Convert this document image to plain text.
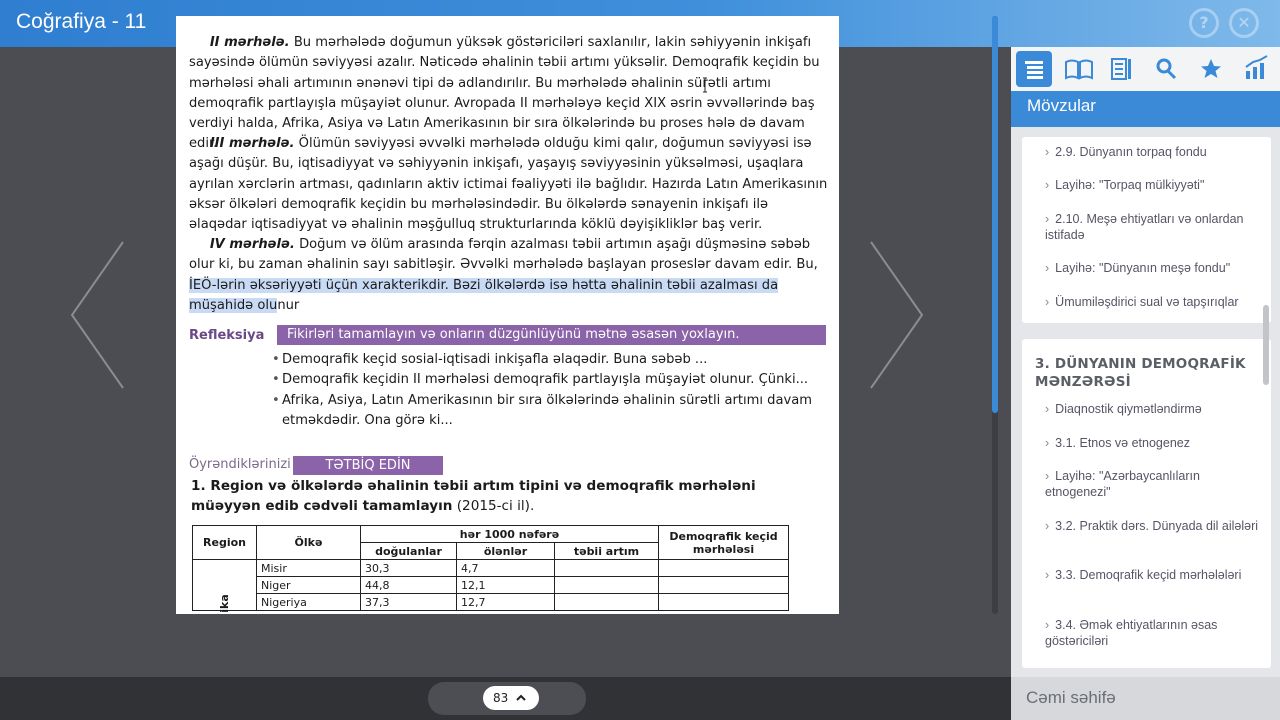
Coğrafiya - 11	?	✕
II mərhələ. Bu mərhələdə doğumun yüksək göstəriciləri saxlanılır, lakin səhiyyənin inkişafı sayəsində ölümün səviyyəsi azalır. Nəticədə əhalinin təbii artımı yüksəlir. Demoqrafik keçidin bu mərhələsi əhali artımının ənənəvi tipi də adlandırılır. Bu mərhələdə əhalinin sürətli artımı demoqrafik partlayışla müşayiət olunur. Avropada II mərhələyə keçid XIX əsrin əvvəllərində baş verdiyi halda, Afrika, Asiya və Latın Amerikasının bir sıra ölkələrində bu proses hələ də davam edir.
III mərhələ. Ölümün səviyyəsi əvvəlki mərhələdə olduğu kimi qalır, doğumun səviyyəsi isə aşağı düşür. Bu, iqtisadiyyat və səhiyyənin inkişafı, yaşayış səviyyəsinin yüksəlməsi, uşaqlara ayrılan xərclərin artması, qadınların aktiv ictimai fəaliyyəti ilə bağlıdır. Hazırda Latın Amerikasının əksər ölkələri demoqrafik keçidin bu mərhələsindədir. Bu ölkələrdə sənayenin inkişafı ilə əlaqədar iqtisadiyyat və əhalinin məşğulluq strukturlarında köklü dəyişikliklər baş verir.
IV mərhələ. Doğum və ölüm arasında fərqin azalması təbii artımın aşağı düşməsinə səbəb olur ki, bu zaman əhalinin sayı sabitləşir. Əvvəlki mərhələdə başlayan proseslər davam edir. Bu, İEÖ-lərin əksəriyyəti üçün xarakterikdir. Bəzi ölkələrdə isə hətta əhalinin təbii azalması da müşahidə olunur
Refleksiya	Fikirləri tamamlayın və onların düzgünlüyünü mətnə əsasən yoxlayın.
• Demoqrafik keçid sosial-iqtisadi inkişafla əlaqədir. Buna səbəb ...
• Demoqrafik keçidin II mərhələsi demoqrafik partlayışla müşayiət olunur. Çünki...
• Afrika, Asiya, Latın Amerikasının bir sıra ölkələrində əhalinin sürətli artımı davam etməkdədir. Ona görə ki...
Öyrəndiklərinizi	TƏTBİQ EDİN
1. Region və ölkələrdə əhalinin təbii artım tipini və demoqrafik mərhələni müəyyən edib cədvəli tamamlayın (2015-ci il).
Region	Ölkə	hər 1000 nəfərə			Demoqrafik keçid mərhələsi
		doğulanlar	ölənlər	təbii artım	
ika	Misir	30,3	4,7		
	Niger	44,8	12,1		
	Nigeriya	37,3	12,7		
83
Mövzular
› 2.9. Dünyanın torpaq fondu
› Layihə: "Torpaq mülkiyyəti"
› 2.10. Meşə ehtiyatları və onlardan istifadə
› Layihə: "Dünyanın meşə fondu"
› Ümumiləşdirici sual və tapşırıqlar
3. DÜNYANIN DEMOQRAFİK MƏNZƏRƏSİ
› Diaqnostik qiymətləndirmə
› 3.1. Etnos və etnogenez
› Layihə: "Azərbaycanlıların etnogenezi"
› 3.2. Praktik dərs. Dünyada dil ailələri
› 3.3. Demoqrafik keçid mərhələləri
› 3.4. Əmək ehtiyatlarının əsas göstəriciləri
Cəmi səhifə
